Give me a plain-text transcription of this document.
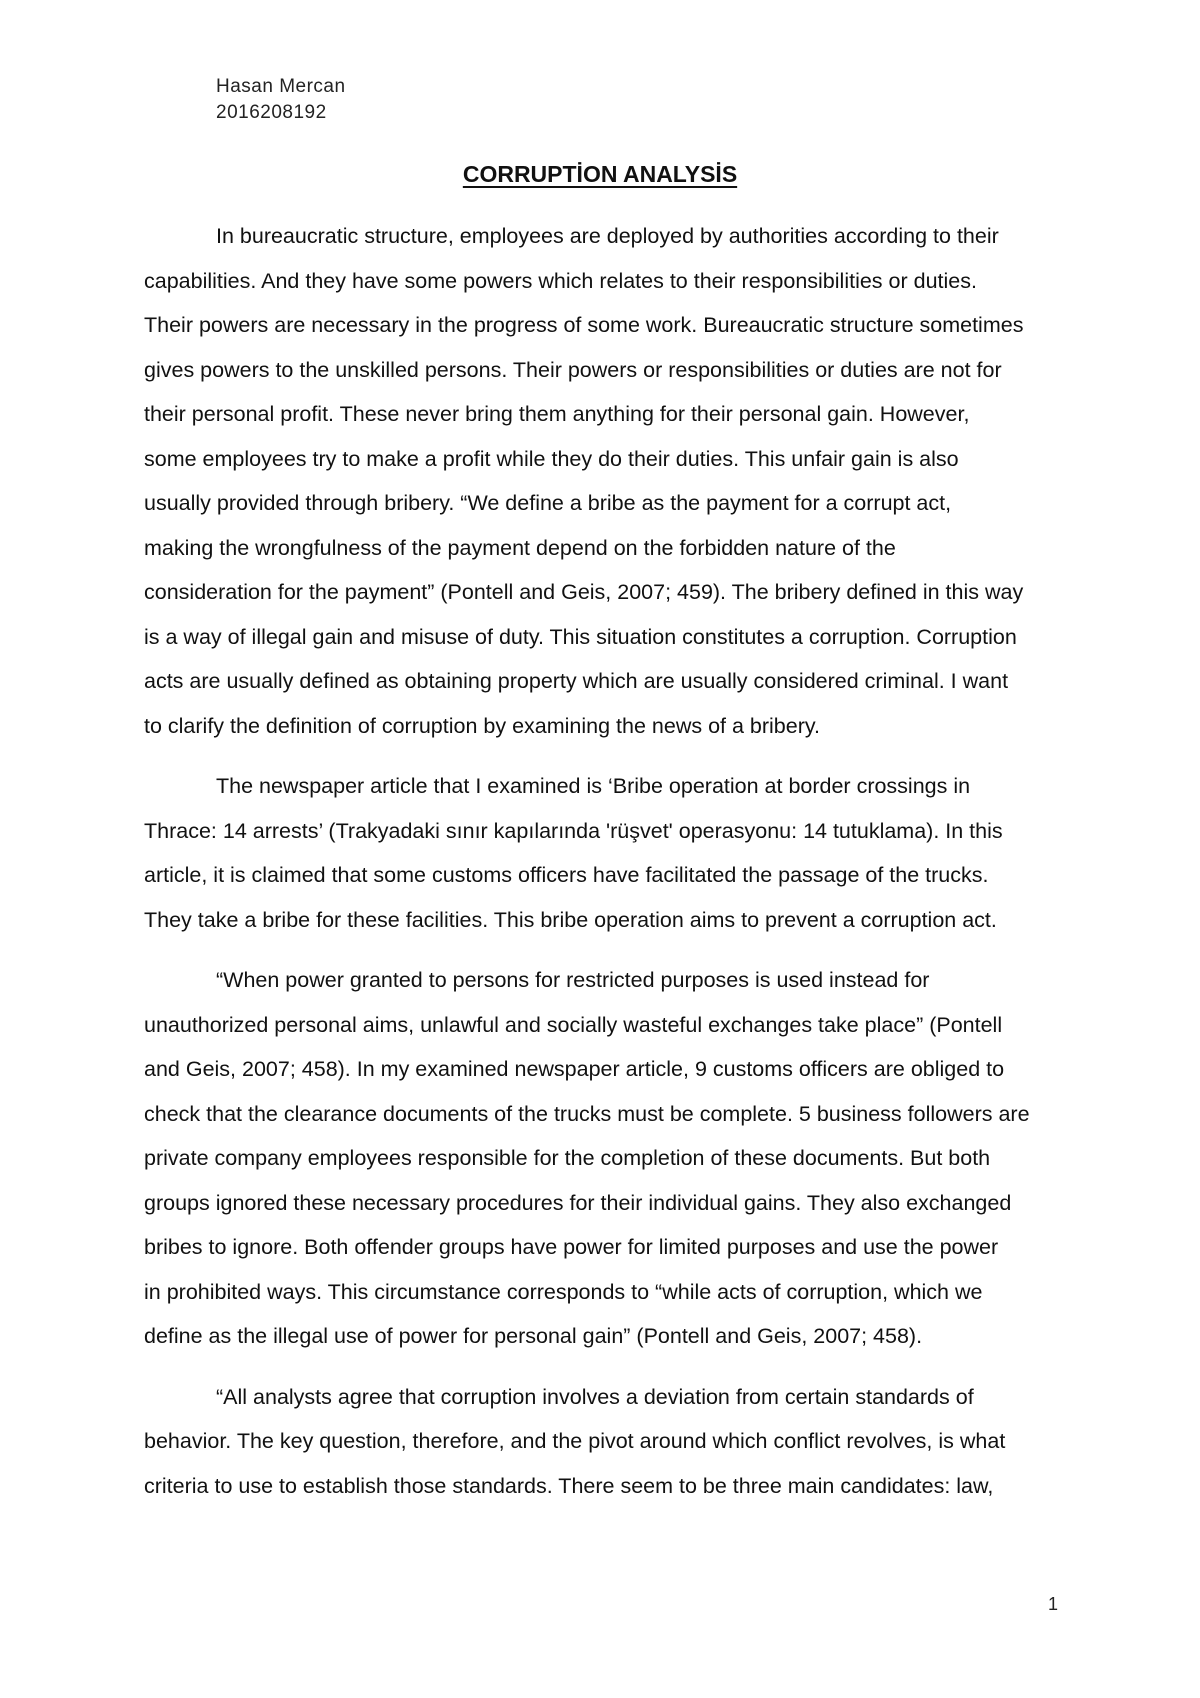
Hasan Mercan
2016208192
CORRUPTİON ANALYSİS
In bureaucratic structure, employees are deployed by authorities according to their
capabilities. And they have some powers which relates to their responsibilities or duties.
Their powers are necessary in the progress of some work. Bureaucratic structure sometimes
gives powers to the unskilled persons. Their powers or responsibilities or duties are not for
their personal profit. These never bring them anything for their personal gain. However,
some employees try to make a profit while they do their duties. This unfair gain is also
usually provided through bribery. “We define a bribe as the payment for a corrupt act,
making the wrongfulness of the payment depend on the forbidden nature of the
consideration for the payment” (Pontell and Geis, 2007; 459). The bribery defined in this way
is a way of illegal gain and misuse of duty. This situation constitutes a corruption. Corruption
acts are usually defined as obtaining property which are usually considered criminal. I want
to clarify the definition of corruption by examining the news of a bribery.
The newspaper article that I examined is ‘Bribe operation at border crossings in
Thrace: 14 arrests’ (Trakyadaki sınır kapılarında 'rüşvet' operasyonu: 14 tutuklama). In this
article, it is claimed that some customs officers have facilitated the passage of the trucks.
They take a bribe for these facilities. This bribe operation aims to prevent a corruption act.
“When power granted to persons for restricted purposes is used instead for
unauthorized personal aims, unlawful and socially wasteful exchanges take place” (Pontell
and Geis, 2007; 458). In my examined newspaper article, 9 customs officers are obliged to
check that the clearance documents of the trucks must be complete. 5 business followers are
private company employees responsible for the completion of these documents. But both
groups ignored these necessary procedures for their individual gains. They also exchanged
bribes to ignore. Both offender groups have power for limited purposes and use the power
in prohibited ways. This circumstance corresponds to “while acts of corruption, which we
define as the illegal use of power for personal gain” (Pontell and Geis, 2007; 458).
“All analysts agree that corruption involves a deviation from certain standards of
behavior. The key question, therefore, and the pivot around which conflict revolves, is what
criteria to use to establish those standards. There seem to be three main candidates: law,
1
